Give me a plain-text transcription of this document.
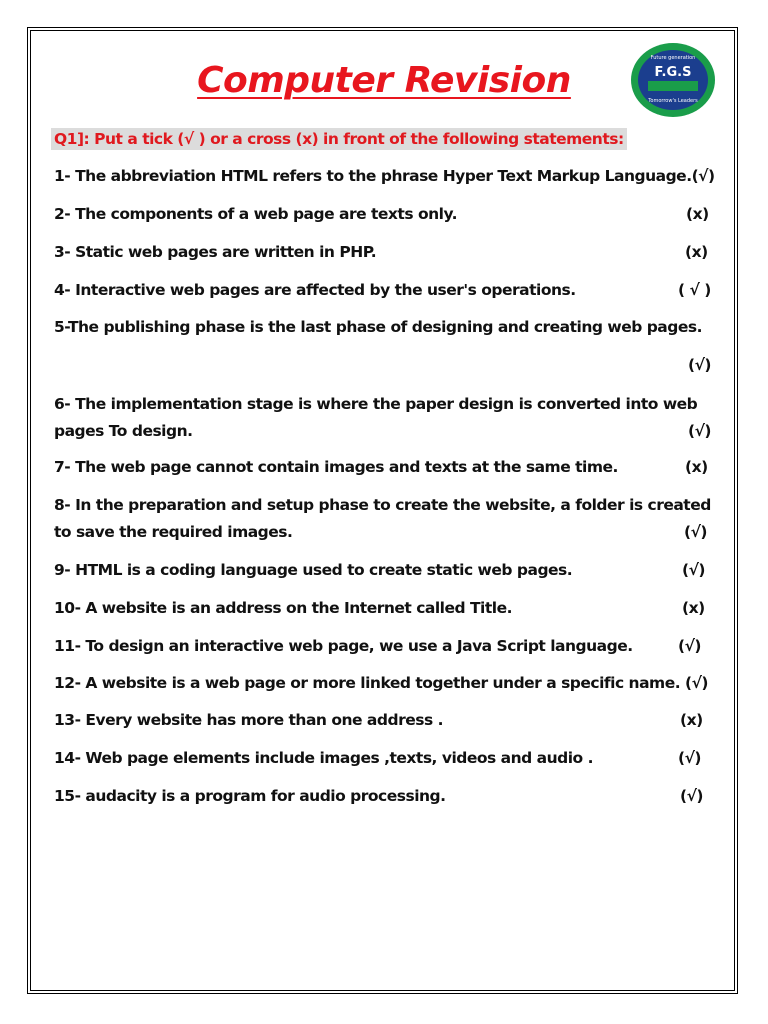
Computer Revision
Future generation
F.G.S
Tomorrow's Leaders
Q1]: Put a tick (√ ) or a cross (x) in front of the following statements:
1- The abbreviation HTML refers to the phrase Hyper Text Markup Language.(√)
2- The components of a web page are texts only.	(x)
3- Static web pages are written in PHP.	(x)
4- Interactive web pages are affected by the user's operations.	( √ )
5-The publishing phase is the last phase of designing and creating web pages.
(√)
6- The implementation stage is where the paper design is converted into web
pages To design.	(√)
7- The web page cannot contain images and texts at the same time.	(x)
8- In the preparation and setup phase to create the website, a folder is created
to save the required images.	(√)
9- HTML is a coding language used to create static web pages.	(√)
10- A website is an address on the Internet called Title.	(x)
11- To design an interactive web page, we use a Java Script language.	(√)
12- A website is a web page or more linked together under a specific name. (√)
13- Every website has more than one address .	(x)
14- Web page elements include images ,texts, videos and audio .	(√)
15- audacity is a program for audio processing.	(√)
